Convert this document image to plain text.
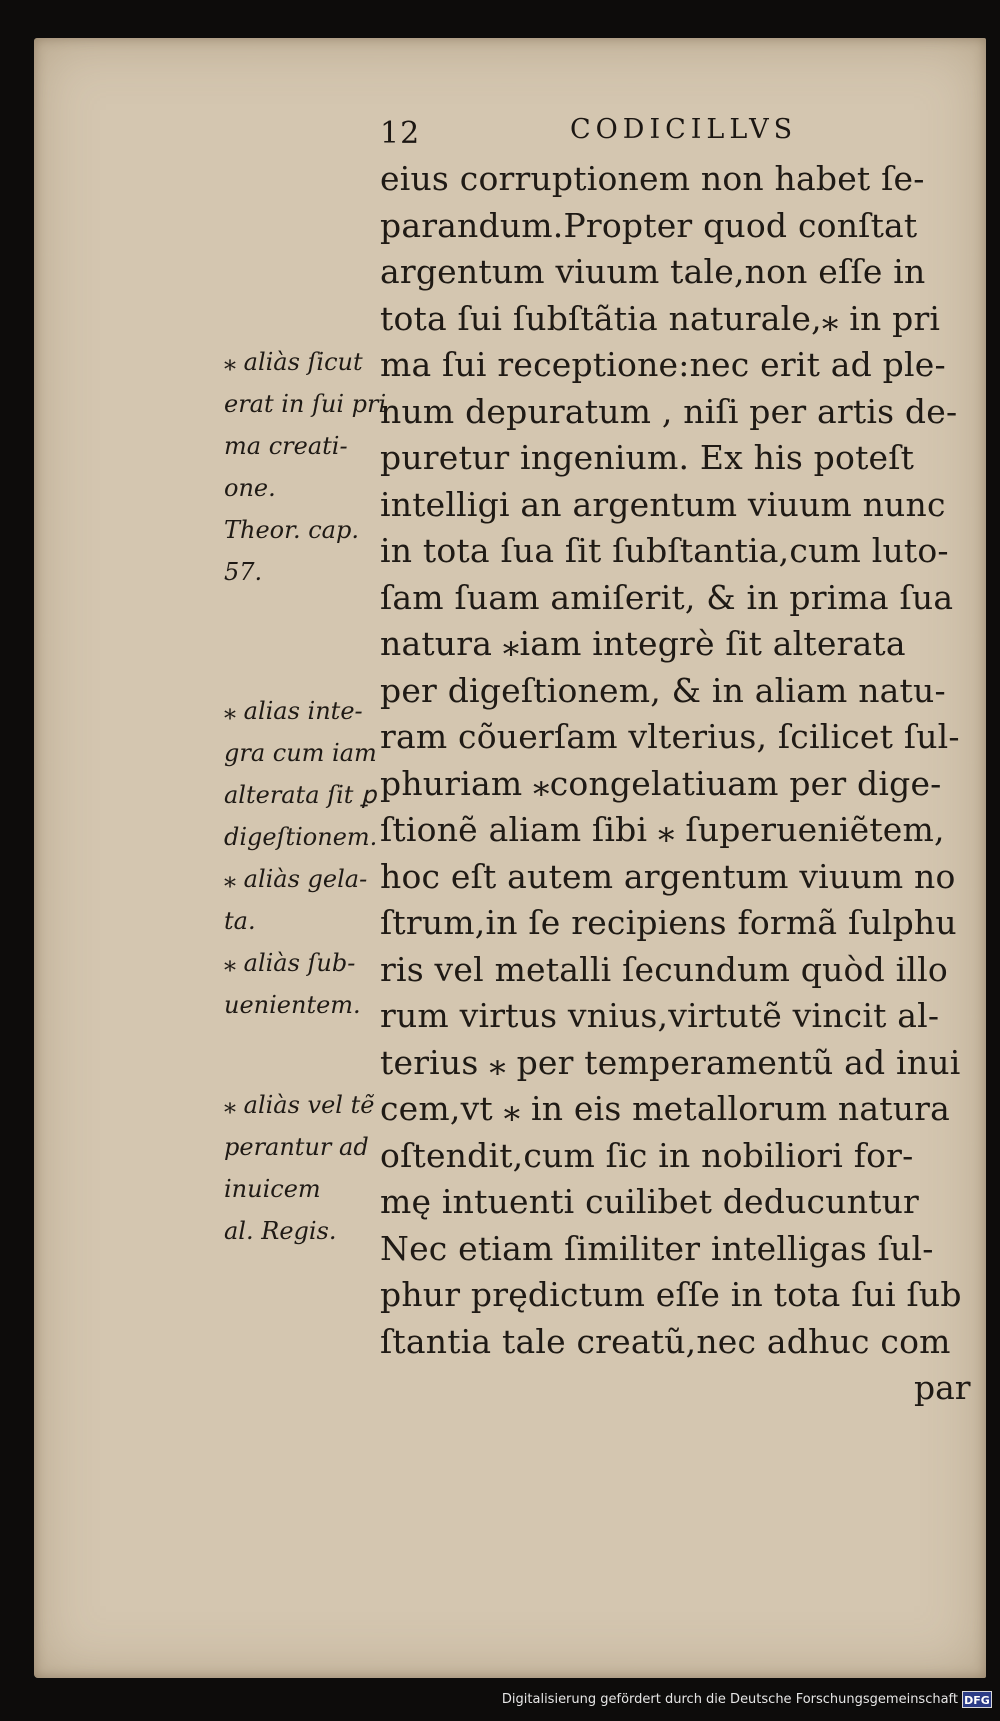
12	CODICILLVS
⁎ aliàs ſicut
erat in ſui pri
ma creati-
one.
Theor. cap.
57.
⁎ alias inte-
gra cum iam
alterata ſit ꝑ
digeſtionem.
⁎ aliàs gela-
ta.
⁎ aliàs ſub-
uenientem.
⁎ aliàs vel tẽ
perantur ad
inuicem
al. Regis.
eius corruptionem non habet ſe-
parandum.Propter quod conſtat
argentum viuum tale,non eſſe in
tota ſui ſubſtãtia naturale,⁎ in pri
ma ſui receptione:nec erit ad ple-
num depuratum , niſi per artis de-
puretur ingenium. Ex his poteſt
intelligi an argentum viuum nunc
in tota ſua ſit ſubſtantia,cum luto-
ſam ſuam amiſerit, & in prima ſua
natura ⁎iam integrè ſit alterata
per digeſtionem, & in aliam natu-
ram cõuerſam vlterius, ſcilicet ſul-
phuriam ⁎congelatiuam per dige-
ſtionẽ aliam ſibi ⁎ ſuperueniẽtem,
hoc eſt autem argentum viuum no
ſtrum,in ſe recipiens formã ſulphu
ris vel metalli ſecundum quòd illo
rum virtus vnius,virtutẽ vincit al-
terius ⁎ per temperamentũ ad inui
cem,vt ⁎ in eis metallorum natura
oſtendit,cum ſic in nobiliori for-
mę intuenti cuilibet deducuntur
Nec etiam ſimiliter intelligas ſul-
phur prędictum eſſe in tota ſui ſub
ſtantia tale creatũ,nec adhuc com
par
Digitalisierung gefördert durch die Deutsche Forschungsgemeinschaft DFG
